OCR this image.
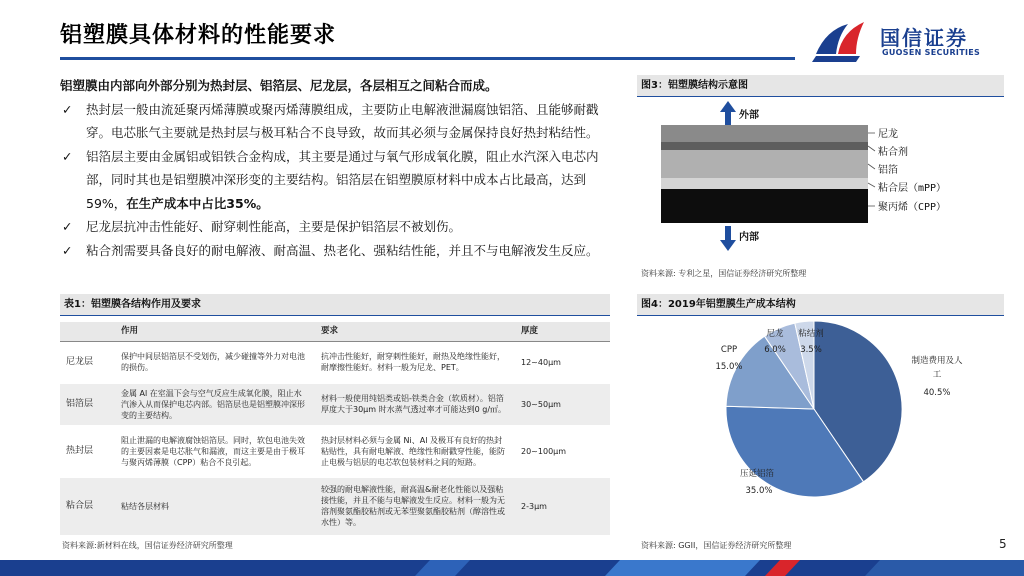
铝塑膜具体材料的性能要求	国信证券
GUOSEN SECURITIES
铝塑膜由内部向外部分别为热封层、铝箔层、尼龙层，各层相互之间粘合而成。
✓ 热封层一般由流延聚丙烯薄膜或聚丙烯薄膜组成，主要防止电解液泄漏腐蚀铝箔、且能够耐戳穿。电芯胀气主要就是热封层与极耳粘合不良导致，故而其必须与金属保持良好热封粘结性。
✓ 铝箔层主要由金属铝或铝铁合金构成，其主要是通过与氧气形成氧化膜，阻止水汽深入电芯内部，同时其也是铝塑膜冲深形变的主要结构。铝箔层在铝塑膜原材料中成本占比最高，达到59%，在生产成本中占比35%。
✓ 尼龙层抗冲击性能好、耐穿刺性能高，主要是保护铝箔层不被划伤。
✓ 粘合剂需要具备良好的耐电解液、耐高温、热老化、强粘结性能，并且不与电解液发生反应。
图3：铝塑膜结构示意图
外部
尼龙
粘合剂
铝箔
粘合层（mPP）
聚丙烯（CPP）
内部
资料来源: 专利之星，国信证券经济研究所整理
表1：铝塑膜各结构作用及要求
	作用	要求	厚度
尼龙层	保护中间层铝箔层不受划伤，减少碰撞等外力对电池的损伤。	抗冲击性能好，耐穿刺性能好，耐热及绝缘性能好，耐摩擦性能好。材料一般为尼龙、PET。	12~40μm
铝箔层	金属 Al 在室温下会与空气反应生成氧化膜，阻止水汽渗入从而保护电芯内部。铝箔层也是铝塑膜冲深形变的主要结构。	材料一般使用纯铝类或铝-铁类合金（软质材）。铝箔厚度大于30μm 时水蒸气透过率才可能达到0 g/㎡。	30~50μm
热封层	阻止泄漏的电解液腐蚀铝箔层。同时，软包电池失效的主要因素是电芯胀气和漏液，而这主要是由于极耳与聚丙烯薄膜（CPP）粘合不良引起。	热封层材料必须与金属 Ni、Al 及极耳有良好的热封粘贴性，具有耐电解液、绝缘性和耐戳穿性能，能防止电极与铝层的电芯软包装材料之间的短路。	20~100μm
粘合层	粘结各层材料	较强的耐电解液性能，耐高温&耐老化性能以及强粘接性能，并且不能与电解液发生反应。材料一般为无溶剂聚氨酯胶粘剂或无苯型聚氨酯胶粘剂（醇溶性或水性）等。	2-3μm
资料来源:新材料在线，国信证券经济研究所整理
图4：2019年铝塑膜生产成本结构
制造费用及人工
40.5%
压延铝箔
35.0%
CPP
15.0%
尼龙
6.0%
粘结剂
3.5%
资料来源: GGII，国信证券经济研究所整理	5
